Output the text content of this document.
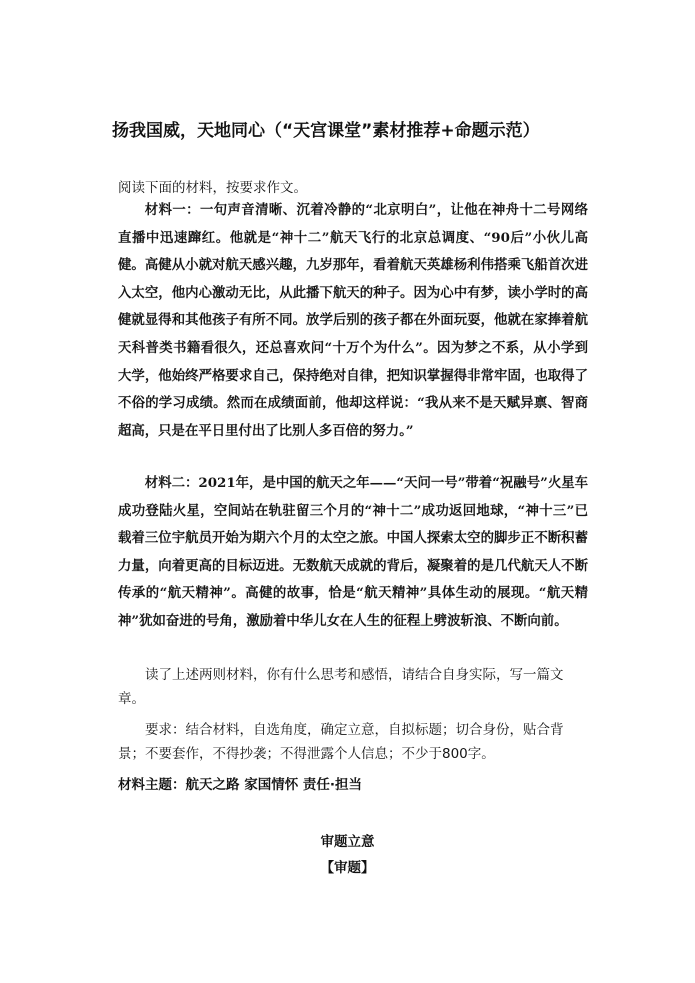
扬我国威，天地同心（“天宫课堂”素材推荐+命题示范）
阅读下面的材料，按要求作文。

材料一：一句声音清晰、沉着冷静的“北京明白”，让他在神舟十二号网络直播中迅速蹿红。他就是“神十二”航天飞行的北京总调度、“90后”小伙儿高健。高健从小就对航天感兴趣，九岁那年，看着航天英雄杨利伟搭乘飞船首次进入太空，他内心激动无比，从此播下航天的种子。因为心中有梦，读小学时的高健就显得和其他孩子有所不同。放学后别的孩子都在外面玩耍，他就在家捧着航天科普类书籍看很久，还总喜欢问“十万个为什么”。因为梦之不系，从小学到大学，他始终严格要求自己，保持绝对自律，把知识掌握得非常牢固，也取得了不俗的学习成绩。然而在成绩面前，他却这样说：“我从来不是天赋异禀、智商超高，只是在平日里付出了比别人多百倍的努力。”

材料二：2021年，是中国的航天之年——“天问一号”带着“祝融号”火星车成功登陆火星，空间站在轨驻留三个月的“神十二”成功返回地球，“神十三”已载着三位宇航员开始为期六个月的太空之旅。中国人探索太空的脚步正不断积蓄力量，向着更高的目标迈进。无数航天成就的背后，凝聚着的是几代航天人不断传承的“航天精神”。高健的故事，恰是“航天精神”具体生动的展现。“航天精神”犹如奋进的号角，激励着中华儿女在人生的征程上劈波斩浪、不断向前。

读了上述两则材料，你有什么思考和感悟，请结合自身实际，写一篇文章。

要求：结合材料，自选角度，确定立意，自拟标题；切合身份，贴合背景；不要套作，不得抄袭；不得泄露个人信息；不少于800字。

材料主题：航天之路 家国情怀 责任·担当
审题立意
【审题】
